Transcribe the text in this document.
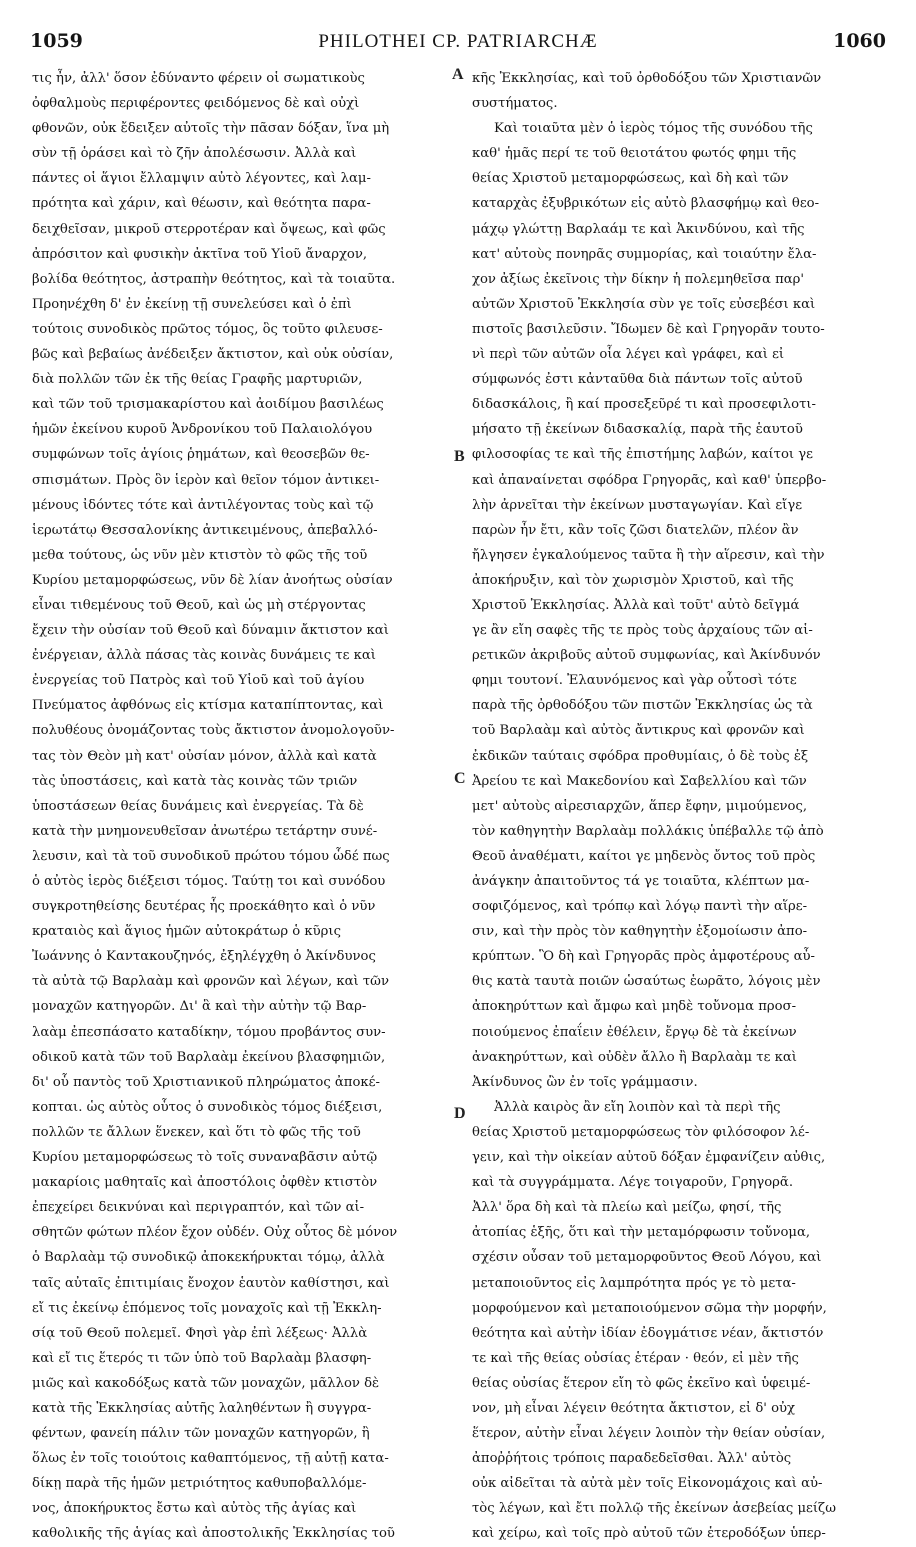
1059	PHILOTHEI CP. PATRIARCHÆ	1060

τις ἦν, ἀλλ' ὅσον ἐδύναντο φέρειν οἱ σωματικοὺς
ὀφθαλμοὺς περιφέροντες φειδόμενος δὲ καὶ οὐχὶ
φθονῶν, οὐκ ἔδειξεν αὐτοῖς τὴν πᾶσαν δόξαν, ἵνα μὴ
σὺν τῇ ὁράσει καὶ τὸ ζῆν ἀπολέσωσιν. Ἀλλὰ καὶ
πάντες οἱ ἅγιοι ἔλλαμψιν αὐτὸ λέγοντες, καὶ λαμ-
πρότητα καὶ χάριν, καὶ θέωσιν, καὶ θεότητα παρα-
δειχθεῖσαν, μικροῦ στερροτέραν καὶ ὄψεως, καὶ φῶς
ἀπρόσιτον καὶ φυσικὴν ἀκτῖνα τοῦ Υἱοῦ ἄναρχον,
βολίδα θεότητος, ἀστραπὴν θεότητος, καὶ τὰ τοιαῦτα.
Προηνέχθη δ' ἐν ἐκείνῃ τῇ συνελεύσει καὶ ὁ ἐπὶ
τούτοις συνοδικὸς πρῶτος τόμος, ὃς τοῦτο φιλευσε-
βῶς καὶ βεβαίως ἀνέδειξεν ἄκτιστον, καὶ οὐκ οὐσίαν,
διὰ πολλῶν τῶν ἐκ τῆς θείας Γραφῆς μαρτυριῶν,
καὶ τῶν τοῦ τρισμακαρίστου καὶ ἀοιδίμου βασιλέως
ἡμῶν ἐκείνου κυροῦ Ἀνδρονίκου τοῦ Παλαιολόγου
συμφώνων τοῖς ἁγίοις ῥημάτων, καὶ θεοσεβῶν θε-
σπισμάτων. Πρὸς ὃν ἱερὸν καὶ θεῖον τόμον ἀντικει-
μένους ἰδόντες τότε καὶ ἀντιλέγοντας τοὺς καὶ τῷ
ἱερωτάτῳ Θεσσαλονίκης ἀντικειμένους, ἀπεβαλλό-
μεθα τούτους, ὡς νῦν μὲν κτιστὸν τὸ φῶς τῆς τοῦ
Κυρίου μεταμορφώσεως, νῦν δὲ λίαν ἀνοήτως οὐσίαν
εἶναι τιθεμένους τοῦ Θεοῦ, καὶ ὡς μὴ στέργοντας
ἔχειν τὴν οὐσίαν τοῦ Θεοῦ καὶ δύναμιν ἄκτιστον καὶ
ἐνέργειαν, ἀλλὰ πάσας τὰς κοινὰς δυνάμεις τε καὶ
ἐνεργείας τοῦ Πατρὸς καὶ τοῦ Υἱοῦ καὶ τοῦ ἁγίου
Πνεύματος ἀφθόνως εἰς κτίσμα καταπίπτοντας, καὶ
πολυθέους ὀνομάζοντας τοὺς ἄκτιστον ἀνομολογοῦν-
τας τὸν Θεὸν μὴ κατ' οὐσίαν μόνον, ἀλλὰ καὶ κατὰ
τὰς ὑποστάσεις, καὶ κατὰ τὰς κοινὰς τῶν τριῶν
ὑποστάσεων θείας δυνάμεις καὶ ἐνεργείας. Τὰ δὲ
κατὰ τὴν μνημονευθεῖσαν ἀνωτέρω τετάρτην συνέ-
λευσιν, καὶ τὰ τοῦ συνοδικοῦ πρώτου τόμου ὧδέ πως
ὁ αὐτὸς ἱερὸς διέξεισι τόμος. Ταύτῃ τοι καὶ συνόδου
συγκροτηθείσης δευτέρας ἧς προεκάθητο καὶ ὁ νῦν
κραταιὸς καὶ ἅγιος ἡμῶν αὐτοκράτωρ ὁ κῦρις
Ἰωάννης ὁ Καντακουζηνός, ἐξηλέγχθη ὁ Ἀκίνδυνος
τὰ αὐτὰ τῷ Βαρλαὰμ καὶ φρονῶν καὶ λέγων, καὶ τῶν
μοναχῶν κατηγορῶν. Δι' ἃ καὶ τὴν αὐτὴν τῷ Βαρ-
λαὰμ ἐπεσπάσατο καταδίκην, τόμου προβάντος συν-
οδικοῦ κατὰ τῶν τοῦ Βαρλαὰμ ἐκείνου βλασφημιῶν,
δι' οὗ παντὸς τοῦ Χριστιανικοῦ πληρώματος ἀποκέ-
κοπται. ὡς αὐτὸς οὗτος ὁ συνοδικὸς τόμος διέξεισι,
πολλῶν τε ἄλλων ἕνεκεν, καὶ ὅτι τὸ φῶς τῆς τοῦ
Κυρίου μεταμορφώσεως τὸ τοῖς συναναβᾶσιν αὐτῷ
μακαρίοις μαθηταῖς καὶ ἀποστόλοις ὀφθὲν κτιστὸν
ἐπεχείρει δεικνύναι καὶ περιγραπτόν, καὶ τῶν αἰ-
σθητῶν φώτων πλέον ἔχον οὐδέν. Οὐχ οὗτος δὲ μόνον
ὁ Βαρλαὰμ τῷ συνοδικῷ ἀποκεκήρυκται τόμῳ, ἀλλὰ
ταῖς αὐταῖς ἐπιτιμίαις ἔνοχον ἑαυτὸν καθίστησι, καὶ
εἴ τις ἐκείνῳ ἑπόμενος τοῖς μοναχοῖς καὶ τῇ Ἐκκλη-
σίᾳ τοῦ Θεοῦ πολεμεῖ. Φησὶ γὰρ ἐπὶ λέξεως· Ἀλλὰ
καὶ εἴ τις ἕτερός τι τῶν ὑπὸ τοῦ Βαρλαὰμ βλασφη-
μιῶς καὶ κακοδόξως κατὰ τῶν μοναχῶν, μᾶλλον δὲ
κατὰ τῆς Ἐκκλησίας αὐτῆς λαληθέντων ἢ συγγρα-
φέντων, φανείη πάλιν τῶν μοναχῶν κατηγορῶν, ἢ
ὅλως ἐν τοῖς τοιούτοις καθαπτόμενος, τῇ αὐτῇ κατα-
δίκῃ παρὰ τῆς ἡμῶν μετριότητος καθυποβαλλόμε-
νος, ἀποκήρυκτος ἔστω καὶ αὐτὸς τῆς ἀγίας καὶ
καθολικῆς τῆς ἁγίας καὶ ἀποστολικῆς Ἐκκλησίας τοῦ

A
B
C
D

κῆς Ἐκκλησίας, καὶ τοῦ ὀρθοδόξου τῶν Χριστιανῶν
συστήματος.

Καὶ τοιαῦτα μὲν ὁ ἱερὸς τόμος τῆς συνόδου τῆς
καθ' ἡμᾶς περί τε τοῦ θειοτάτου φωτός φημι τῆς
θείας Χριστοῦ μεταμορφώσεως, καὶ δὴ καὶ τῶν
καταρχὰς ἐξυβρικότων εἰς αὐτὸ βλασφήμῳ καὶ θεο-
μάχῳ γλώττῃ Βαρλαάμ τε καὶ Ἀκινδύνου, καὶ τῆς
κατ' αὐτοὺς πονηρᾶς συμμορίας, καὶ τοιαύτην ἔλα-
χον ἀξίως ἐκεῖνοις τὴν δίκην ἡ πολεμηθεῖσα παρ'
αὐτῶν Χριστοῦ Ἐκκλησία σὺν γε τοῖς εὐσεβέσι καὶ
πιστοῖς βασιλεῦσιν. Ἴδωμεν δὲ καὶ Γρηγορᾶν τουτο-
νὶ περὶ τῶν αὐτῶν οἷα λέγει καὶ γράφει, καὶ εἰ
σύμφωνός ἐστι κἀνταῦθα διὰ πάντων τοῖς αὐτοῦ
διδασκάλοις, ἢ καί προσεξεῦρέ τι καὶ προσεφιλοτι-
μήσατο τῇ ἐκείνων διδασκαλίᾳ, παρὰ τῆς ἑαυτοῦ
φιλοσοφίας τε καὶ τῆς ἐπιστήμης λαβών, καίτοι γε
καὶ ἀπαναίνεται σφόδρα Γρηγορᾶς, καὶ καθ' ὑπερβο-
λὴν ἀρνεῖται τὴν ἐκείνων μυσταγωγίαν. Καὶ εἴγε
παρὼν ἦν ἔτι, κἂν τοῖς ζῶσι διατελῶν, πλέον ἂν
ἤλγησεν ἐγκαλούμενος ταῦτα ἢ τὴν αἵρεσιν, καὶ τὴν
ἀποκήρυξιν, καὶ τὸν χωρισμὸν Χριστοῦ, καὶ τῆς
Χριστοῦ Ἐκκλησίας. Ἀλλὰ καὶ τοῦτ' αὐτὸ δεῖγμά
γε ἂν εἴη σαφὲς τῆς τε πρὸς τοὺς ἀρχαίους τῶν αἱ-
ρετικῶν ἀκριβοῦς αὐτοῦ συμφωνίας, καὶ Ἀκίνδυνόν
φημι τουτονί. Ἐλαυνόμενος καὶ γὰρ οὗτοσὶ τότε
παρὰ τῆς ὀρθοδόξου τῶν πιστῶν Ἐκκλησίας ὡς τὰ
τοῦ Βαρλαὰμ καὶ αὐτὸς ἄντικρυς καὶ φρονῶν καὶ
ἐκδικῶν ταύταις σφόδρα προθυμίαις, ὁ δὲ τοὺς ἐξ
Ἀρείου τε καὶ Μακεδονίου καὶ Σαβελλίου καὶ τῶν
μετ' αὐτοὺς αἱρεσιαρχῶν, ἅπερ ἔφην, μιμούμενος,
τὸν καθηγητὴν Βαρλαὰμ πολλάκις ὑπέβαλλε τῷ ἀπὸ
Θεοῦ ἀναθέματι, καίτοι γε μηδενὸς ὄντος τοῦ πρὸς
ἀνάγκην ἀπαιτοῦντος τά γε τοιαῦτα, κλέπτων μα-
σοφιζόμενος, καὶ τρόπῳ καὶ λόγῳ παντὶ τὴν αἵρε-
σιν, καὶ τὴν πρὸς τὸν καθηγητὴν ἐξομοίωσιν ἀπο-
κρύπτων. Ὃ δὴ καὶ Γρηγορᾶς πρὸς ἀμφοτέρους αὖ-
θις κατὰ ταυτὰ ποιῶν ὡσαύτως ἑωρᾶτο, λόγοις μὲν
ἀποκηρύττων καὶ ἄμφω καὶ μηδὲ τοὔνομα προσ-
ποιούμενος ἐπαΐειν ἐθέλειν, ἔργῳ δὲ τὰ ἐκείνων
ἀνακηρύττων, καὶ οὐδὲν ἄλλο ἢ Βαρλαὰμ τε καὶ
Ἀκίνδυνος ὢν ἐν τοῖς γράμμασιν.

Ἀλλὰ καιρὸς ἂν εἴη λοιπὸν καὶ τὰ περὶ τῆς
θείας Χριστοῦ μεταμορφώσεως τὸν φιλόσοφον λέ-
γειν, καὶ τὴν οἰκείαν αὐτοῦ δόξαν ἐμφανίζειν αὐθις,
καὶ τὰ συγγράμματα. Λέγε τοιγαροῦν, Γρηγορᾶ.
Ἀλλ' ὅρα δὴ καὶ τὰ πλείω καὶ μείζω, φησί, τῆς
ἀτοπίας ἑξῆς, ὅτι καὶ τὴν μεταμόρφωσιν τοὔνομα,
σχέσιν οὖσαν τοῦ μεταμορφοῦντος Θεοῦ Λόγου, καὶ
μεταποιοῦντος εἰς λαμπρότητα πρός γε τὸ μετα-
μορφούμενον καὶ μεταποιούμενον σῶμα τὴν μορφήν,
θεότητα καὶ αὐτὴν ἰδίαν ἐδογμάτισε νέαν, ἄκτιστόν
τε καὶ τῆς θείας οὐσίας ἑτέραν · θεόν, εἰ μὲν τῆς
θείας οὐσίας ἕτερον εἴη τὸ φῶς ἐκεῖνο καὶ ὑφειμέ-
νον, μὴ εἶναι λέγειν θεότητα ἄκτιστον, εἰ δ' οὐχ
ἕτερον, αὐτὴν εἶναι λέγειν λοιπὸν τὴν θείαν οὐσίαν,
ἀποῤῥήτοις τρόποις παραδεδεῖσθαι. Ἀλλ' αὐτὸς
οὐκ αἰδεῖται τὰ αὐτὰ μὲν τοῖς Εἰκονομάχοις καὶ αὐ-
τὸς λέγων, καὶ ἔτι πολλῷ τῆς ἐκείνων ἀσεβείας μείζω
καὶ χείρω, καὶ τοῖς πρὸ αὐτοῦ τῶν ἑτεροδόξων ὑπερ-
